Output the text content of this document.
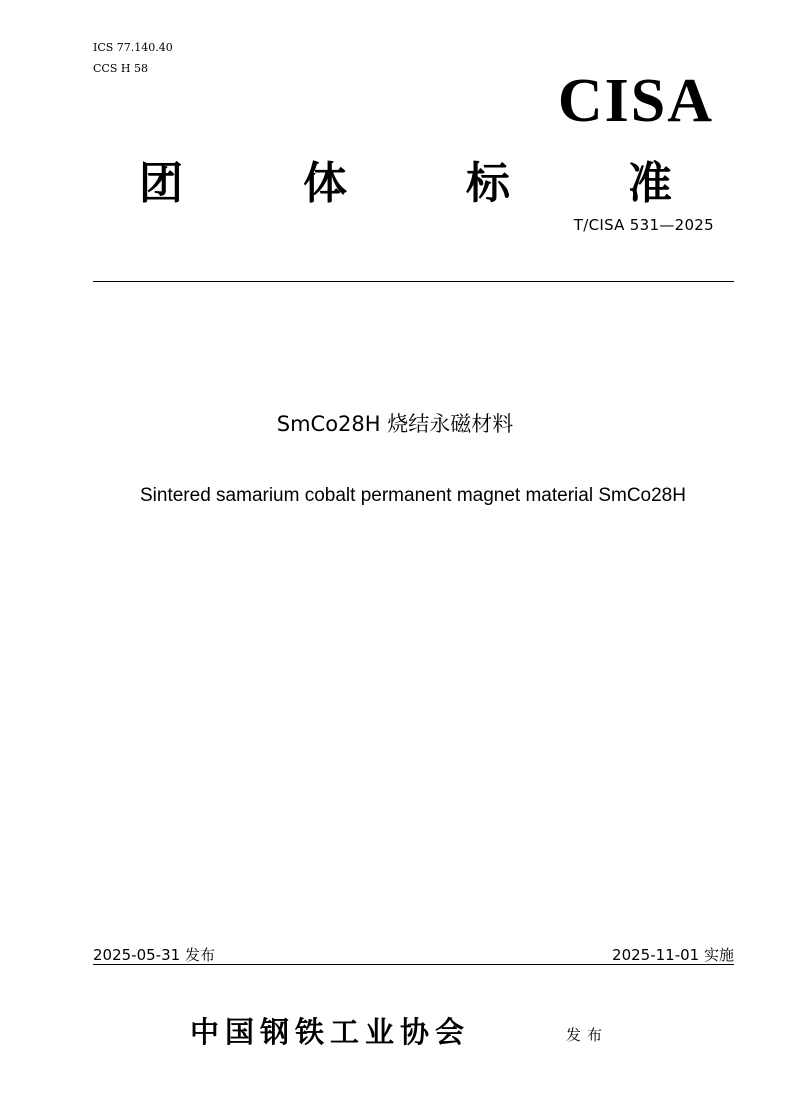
ICS 77.140.40
CCS H 58	CISA
团	体	标	准
T/CISA 531—2025
SmCo28H 烧结永磁材料
Sintered samarium cobalt permanent magnet material SmCo28H
2025-05-31 发布	2025-11-01 实施
中国钢铁工业协会	发布
